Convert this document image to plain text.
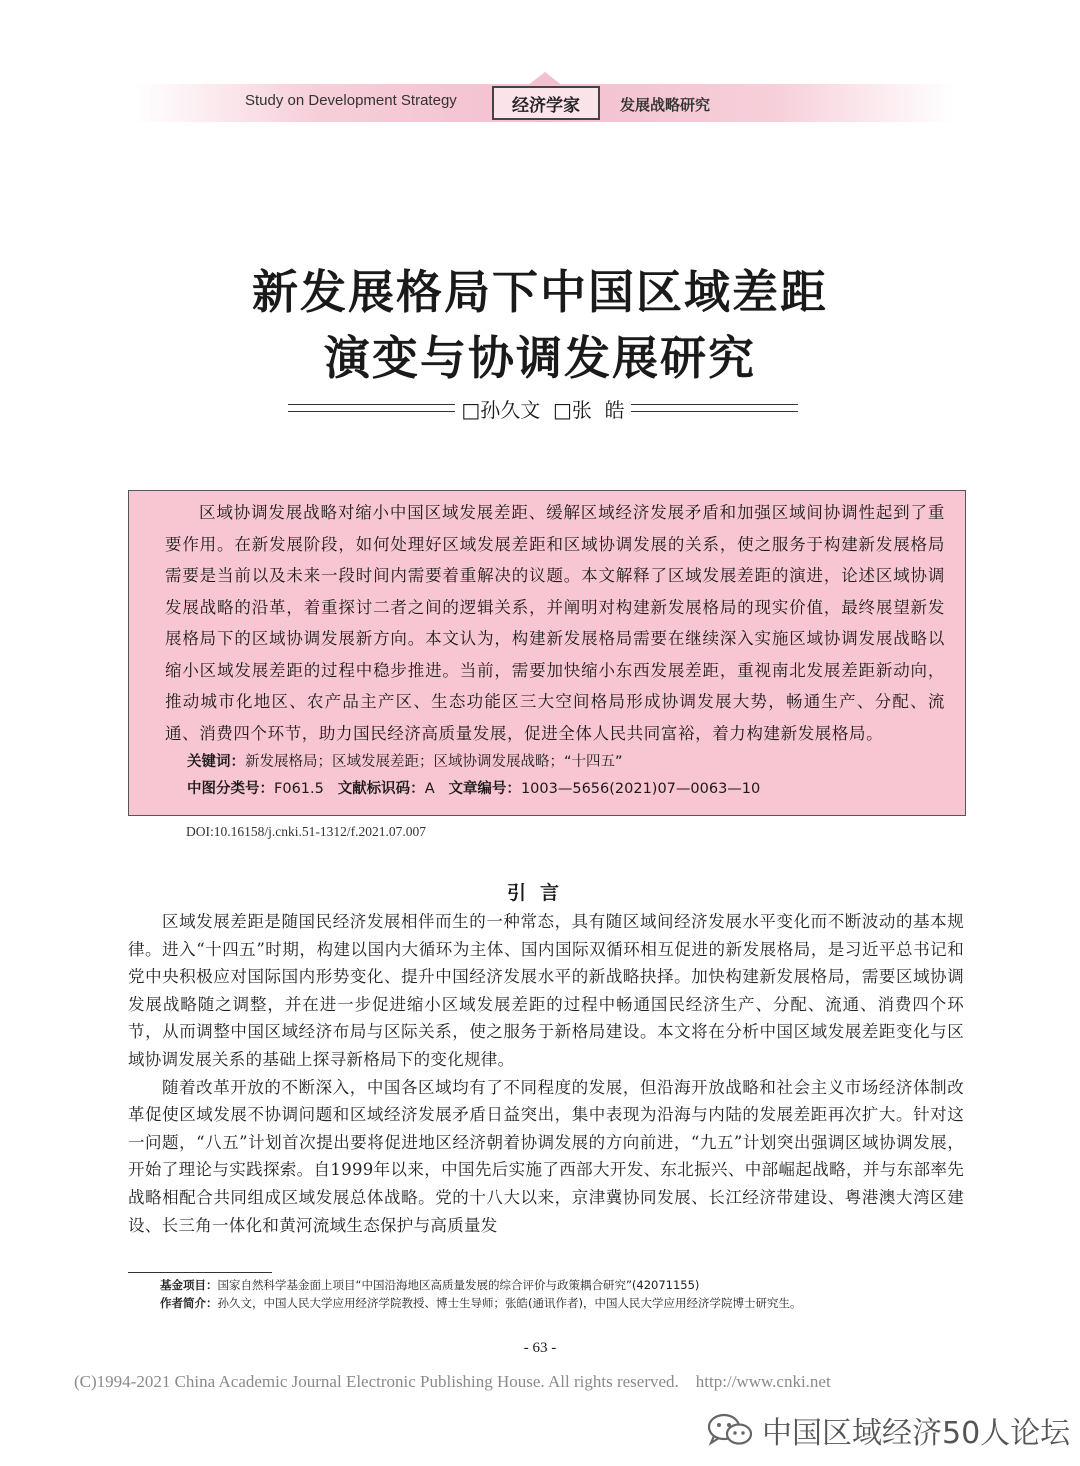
Study on Development Strategy	经济学家	发展战略研究
新发展格局下中国区域差距
演变与协调发展研究
□孙久文  □张  皓

区域协调发展战略对缩小中国区域发展差距、缓解区域经济发展矛盾和加强区域间协调性起到了重要作用。在新发展阶段，如何处理好区域发展差距和区域协调发展的关系，使之服务于构建新发展格局需要是当前以及未来一段时间内需要着重解决的议题。本文解释了区域发展差距的演进，论述区域协调发展战略的沿革，着重探讨二者之间的逻辑关系，并阐明对构建新发展格局的现实价值，最终展望新发展格局下的区域协调发展新方向。本文认为，构建新发展格局需要在继续深入实施区域协调发展战略以缩小区域发展差距的过程中稳步推进。当前，需要加快缩小东西发展差距，重视南北发展差距新动向，推动城市化地区、农产品主产区、生态功能区三大空间格局形成协调发展大势，畅通生产、分配、流通、消费四个环节，助力国民经济高质量发展，促进全体人民共同富裕，着力构建新发展格局。

关键词：新发展格局；区域发展差距；区域协调发展战略；“十四五”
中图分类号：F061.5 文献标识码：A 文章编号：1003—5656(2021)07—0063—10
DOI:10.16158/j.cnki.51-1312/f.2021.07.007
引言

区域发展差距是随国民经济发展相伴而生的一种常态，具有随区域间经济发展水平变化而不断波动的基本规律。进入“十四五”时期，构建以国内大循环为主体、国内国际双循环相互促进的新发展格局，是习近平总书记和党中央积极应对国际国内形势变化、提升中国经济发展水平的新战略抉择。加快构建新发展格局，需要区域协调发展战略随之调整，并在进一步促进缩小区域发展差距的过程中畅通国民经济生产、分配、流通、消费四个环节，从而调整中国区域经济布局与区际关系，使之服务于新格局建设。本文将在分析中国区域发展差距变化与区域协调发展关系的基础上探寻新格局下的变化规律。

随着改革开放的不断深入，中国各区域均有了不同程度的发展，但沿海开放战略和社会主义市场经济体制改革促使区域发展不协调问题和区域经济发展矛盾日益突出，集中表现为沿海与内陆的发展差距再次扩大。针对这一问题，“八五”计划首次提出要将促进地区经济朝着协调发展的方向前进，“九五”计划突出强调区域协调发展，开始了理论与实践探索。自1999年以来，中国先后实施了西部大开发、东北振兴、中部崛起战略，并与东部率先战略相配合共同组成区域发展总体战略。党的十八大以来，京津冀协同发展、长江经济带建设、粤港澳大湾区建设、长三角一体化和黄河流域生态保护与高质量发

基金项目：国家自然科学基金面上项目“中国沿海地区高质量发展的综合评价与政策耦合研究”(42071155)
作者简介：孙久文，中国人民大学应用经济学院教授、博士生导师；张皓(通讯作者)，中国人民大学应用经济学院博士研究生。
- 63 -
(C)1994-2021 China Academic Journal Electronic Publishing House. All rights reserved.    http://www.cnki.net
中国区域经济50人论坛
